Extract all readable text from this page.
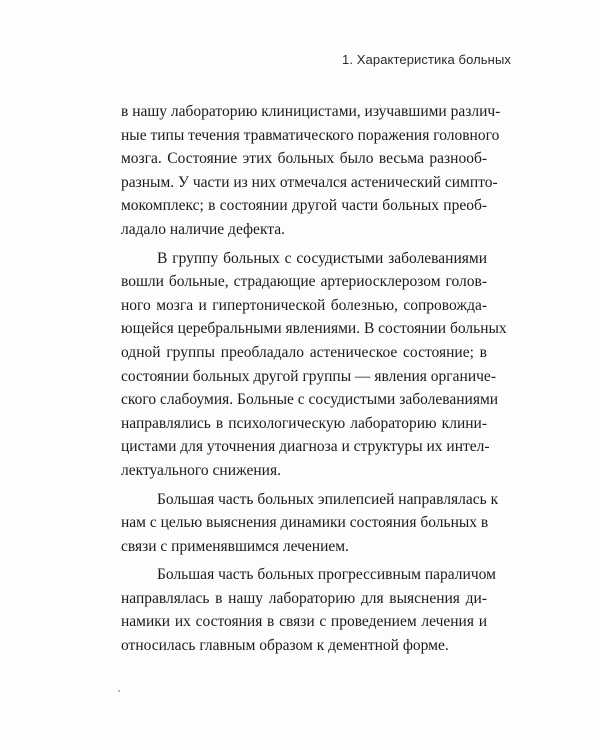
1. Характеристика больных

в нашу лабораторию клиницистами, изучавшими различ-
ные типы течения травматического поражения головного
мозга. Состояние этих больных было весьма разнооб-
разным. У части из них отмечался астенический симпто-
мокомплекс; в состоянии другой части больных преоб-
ладало наличие дефекта.

В группу больных с сосудистыми заболеваниями
вошли больные, страдающие артериосклерозом голов-
ного мозга и гипертонической болезнью, сопровожда-
ющейся церебральными явлениями. В состоянии больных
одной группы преобладало астеническое состояние; в
состоянии больных другой группы — явления органиче-
ского слабоумия. Больные с сосудистыми заболеваниями
направлялись в психологическую лабораторию клини-
цистами для уточнения диагноза и структуры их интел-
лектуального снижения.

Большая часть больных эпилепсией направлялась к
нам с целью выяснения динамики состояния больных в
связи с применявшимся лечением.

Большая часть больных прогрессивным параличом
направлялась в нашу лабораторию для выяснения ди-
намики их состояния в связи с проведением лечения и
относилась главным образом к дементной форме.
